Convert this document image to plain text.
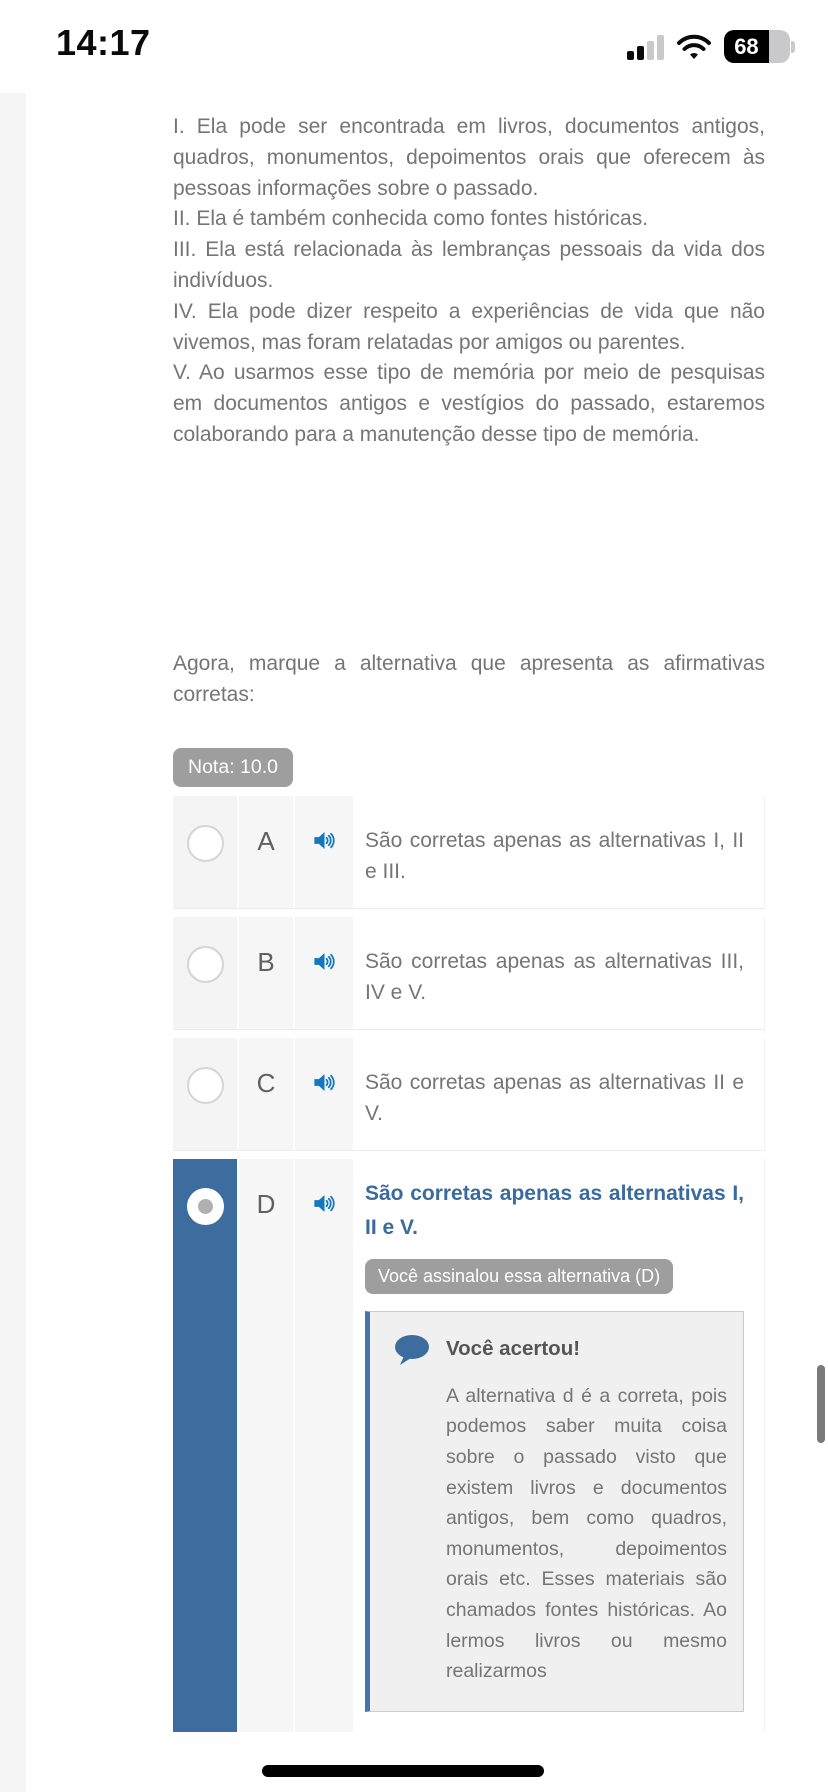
14:17	68
I. Ela pode ser encontrada em livros, documentos antigos, quadros, monumentos, depoimentos orais que oferecem às pessoas informações sobre o passado.
II. Ela é também conhecida como fontes históricas.
III. Ela está relacionada às lembranças pessoais da vida dos indivíduos.
IV. Ela pode dizer respeito a experiências de vida que não vivemos, mas foram relatadas por amigos ou parentes.
V. Ao usarmos esse tipo de memória por meio de pesquisas em documentos antigos e vestígios do passado, estaremos colaborando para a manutenção desse tipo de memória.
Agora, marque a alternativa que apresenta as afirmativas corretas:
Nota: 10.0
A	São corretas apenas as alternativas I, II e III.
B	São corretas apenas as alternativas III, IV e V.
C	São corretas apenas as alternativas II e V.
D	São corretas apenas as alternativas I, II e V.
Você assinalou essa alternativa (D)
Você acertou!
A alternativa d é a correta, pois podemos saber muita coisa sobre o passado visto que existem livros e documentos antigos, bem como quadros, monumentos, depoimentos orais etc. Esses materiais são chamados fontes históricas. Ao lermos livros ou mesmo realizarmos
